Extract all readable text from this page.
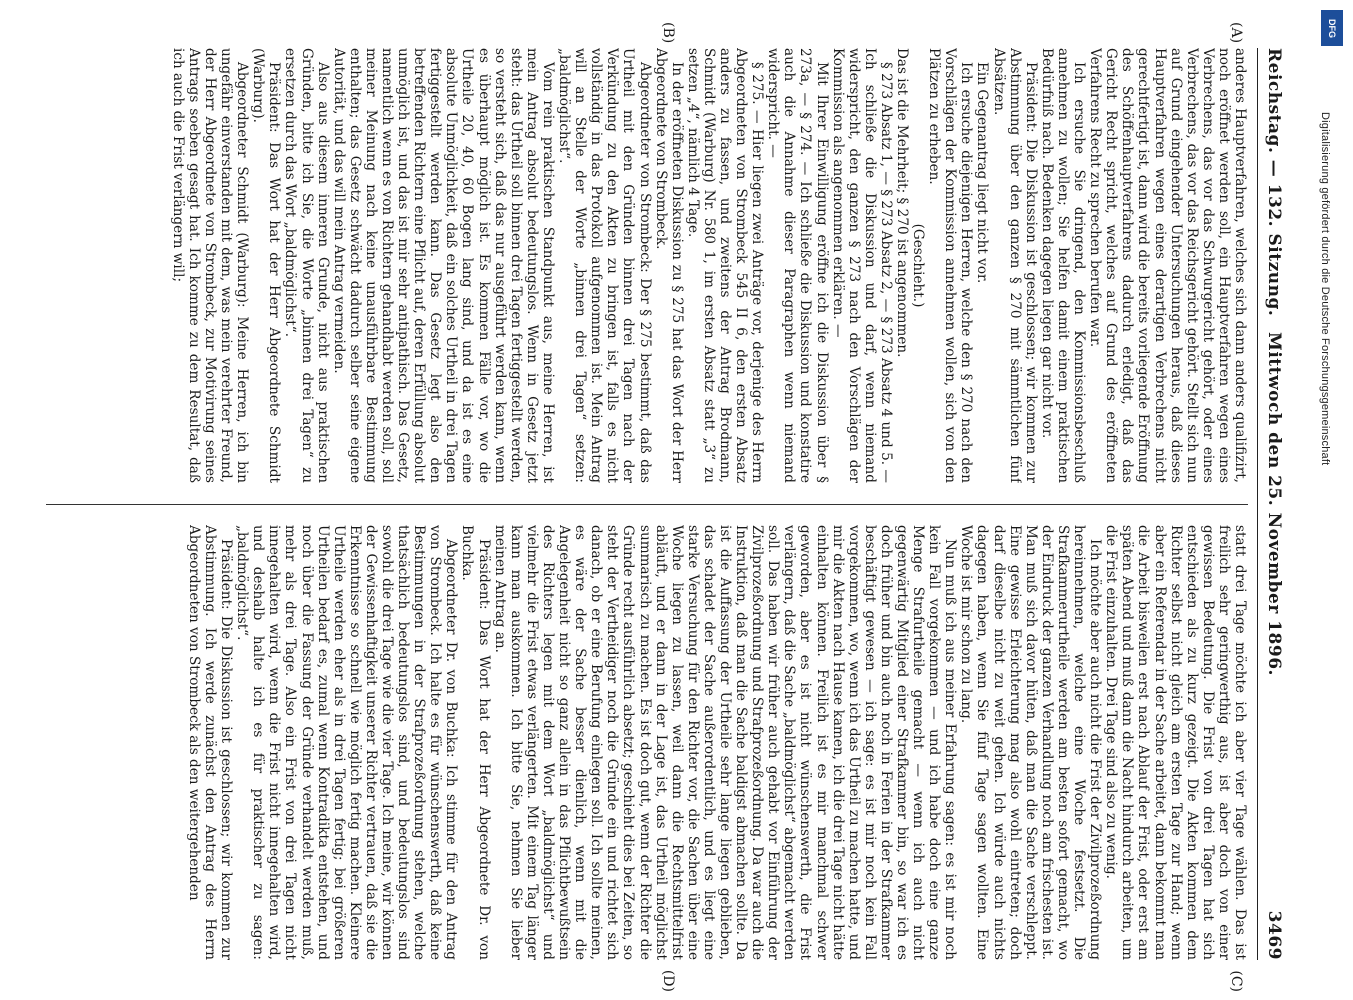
Reichstag. — 132. Sitzung.
Mittwoch den 25. November 1896.
3469

anderes Hauptverfahren, welches sich dann anders qualifizirt, noch eröffnet werden soll, ein Hauptverfahren wegen eines Verbrechens, das vor das Schwurgericht gehört, oder eines Verbrechens, das vor das Reichsgericht gehört. Stellt sich nun auf Grund eingehender Untersuchungen heraus, daß dieses Hauptverfahren wegen eines derartigen Verbrechens nicht gerechtfertigt ist, dann wird die bereits vorliegende Eröffnung des Schöffenhauptverfahrens dadurch erledigt, daß das Gericht Recht spricht, welches auf Grund des eröffneten Verfahrens Recht zu sprechen berufen war.

Ich ersuche Sie dringend, den Kommissionsbeschluß annehmen zu wollen; Sie helfen damit einem praktischen Bedürfniß nach. Bedenken dagegen liegen gar nicht vor.

Präsident: Die Diskussion ist geschlossen; wir kommen zur Abstimmung über den ganzen § 270 mit sämmtlichen fünf Absätzen.

Ein Gegenantrag liegt nicht vor.

Ich ersuche diejenigen Herren, welche den § 270 nach den Vorschlägen der Kommission annehmen wollen, sich von den Plätzen zu erheben.

(Geschieht.)

Das ist die Mehrheit; § 270 ist angenommen.

§ 273 Absatz 1, — § 273 Absatz 2, — § 273 Absatz 4 und 5. — Ich schließe die Diskussion und darf, wenn niemand widerspricht, den ganzen § 273 nach den Vorschlägen der Kommission als angenommen erklären. —

Mit Ihrer Einwilligung eröffne ich die Diskussion über § 273a, — § 274. — Ich schließe die Diskussion und konstatire auch die Annahme dieser Paragraphen wenn niemand widerspricht. —

§ 275. — Hier liegen zwei Anträge vor, derjenige des Herrn Abgeordneten von Strombeck 545 II 6, den ersten Absatz anders zu fassen, und zweitens der Antrag Brodmann, Schmidt (Warburg) Nr. 580 1, im ersten Absatz statt „3“ zu setzen „4“, nämlich 4 Tage.

In der eröffneten Diskussion zu § 275 hat das Wort der Herr Abgeordnete von Strombeck.

Abgeordneter von Strombeck: Der § 275 bestimmt, daß das Urtheil mit den Gründen binnen drei Tagen nach der Verkündung zu den Akten zu bringen ist, falls es nicht vollständig in das Protokoll aufgenommen ist. Mein Antrag will an Stelle der Worte „binnen drei Tagen“ setzen: „baldmöglichst“.

Vom rein praktischen Standpunkt aus, meine Herren, ist mein Antrag absolut bedeutungslos. Wenn in Gesetz jetzt steht: das Urtheil soll binnen drei Tagen fertiggestellt werden, so versteht sich, daß das nur ausgeführt werden kann, wenn es überhaupt möglich ist. Es kommen Fälle vor, wo die Urtheile 20, 40, 60 Bogen lang sind, und da ist es eine absolute Unmöglichkeit, daß ein solches Urtheil in drei Tagen fertiggestellt werden kann. Das Gesetz legt also den betreffenden Richtern eine Pflicht auf, deren Erfüllung absolut unmöglich ist, und das ist mir sehr antipathisch. Das Gesetz, namentlich wenn es von Richtern gehandhabt werden soll, soll meiner Meinung nach keine unausführbare Bestimmung enthalten; das Gesetz schwächt dadurch selber seine eigene Autorität, und das will mein Antrag vermeiden.

Also aus diesem inneren Grunde, nicht aus praktischen Gründen, bitte ich Sie, die Worte „binnen drei Tagen“ zu ersetzen durch das Wort „baldmöglichst“.

Präsident: Das Wort hat der Herr Abgeordnete Schmidt (Warburg).

Abgeordneter Schmidt (Warburg): Meine Herren, ich bin ungefähr einverstanden mit dem, was mein verehrter Freund, der Herr Abgeordnete von Strombeck, zur Motivirung seines Antrags soeben gesagt hat. Ich komme zu dem Resultat, daß ich auch die Frist verlängern will;

statt drei Tage möchte ich aber vier Tage wählen. Das ist freilich sehr geringwerthig aus, ist aber doch von einer gewissen Bedeutung. Die Frist von drei Tagen hat sich entschieden als zu kurz gezeigt. Die Akten kommen dem Richter selbst nicht gleich am ersten Tage zur Hand; wenn aber ein Referendar in der Sache arbeitet, dann bekommt man die Arbeit bisweilen erst nach Ablauf der Frist, oder erst am späten Abend und muß dann die Nacht hindurch arbeiten, um die Frist einzuhalten. Drei Tage sind also zu wenig.

Ich möchte aber auch nicht die Frist der Zivilprozeßordnung hereinnehmen, welche eine Woche festsetzt. Die Strafkammerurtheile werden am besten sofort gemacht, wo der Eindruck der ganzen Verhandlung noch am frischesten ist. Man muß sich davor hüten, daß man die Sache verschleppt. Eine gewisse Erleichterung mag also wohl eintreten; doch darf dieselbe nicht zu weit gehen. Ich würde auch nichts dagegen haben, wenn Sie fünf Tage sagen wollten. Eine Woche ist mir schon zu lang.

Nun muß ich aus meiner Erfahrung sagen: es ist mir noch kein Fall vorgekommen — und ich habe doch eine ganze Menge Strafurtheile gemacht — wenn ich auch nicht gegenwärtig Mitglied einer Strafkammer bin, so war ich es doch früher und bin auch noch in Ferien in der Strafkammer beschäftigt gewesen — ich sage: es ist mir noch kein Fall vorgekommen, wo, wenn ich das Urtheil zu machen hatte, und mir die Akten nach Hause kamen, ich die drei Tage nicht hätte einhalten können. Freilich ist es mir manchmal schwer geworden, aber es ist nicht wünschenswerth, die Frist verlängern, daß die Sache „baldmöglichst“ abgemacht werden soll. Das haben wir früher auch gehabt vor Einführung der Zivilprozeßordnung und Strafprozeßordnung. Da war auch die Instruktion, daß man die Sache baldigst abmachen sollte. Da ist die Auffassung der Urtheile sehr lange liegen geblieben, das schadet der Sache außerordentlich, und es liegt eine starke Versuchung für den Richter vor, die Sachen über eine Woche liegen zu lassen, weil dann die Rechtsmittelfrist abläuft, und er dann in der Lage ist, das Urtheil möglichst summarisch zu machen. Es ist doch gut, wenn der Richter die Gründe recht ausführlich absetzt; geschieht dies bei Zeiten, so steht der Vertheidiger noch die Gründe ein und richtet sich danach, ob er eine Berufung einlegen soll. Ich sollte meinen, es wäre der Sache besser dienlich, wenn mit die Angelegenheit nicht so ganz allein in das Pflichtbewußtsein des Richters legen mit dem Wort „baldmöglichst“ und vielmehr die Frist etwas verlängerten. Mit einem Tag länger kann man auskommen. Ich bitte Sie, nehmen Sie lieber meinen Antrag an.

Präsident: Das Wort hat der Herr Abgeordnete Dr. von Buchka.

Abgeordneter Dr. von Buchka: Ich stimme für den Antrag von Strombeck. Ich halte es für wünschenswerth, daß keine Bestimmungen in der Strafprozeßordnung stehen, welche thatsächlich bedeutungslos sind, und bedeutungslos sind sowohl die drei Tage wie die vier Tage. Ich meine, wir können der Gewissenhaftigkeit unserer Richter vertrauen, daß sie die Erkenntnisse so schnell wie möglich fertig machen. Kleinere Urtheile werden eher als in drei Tagen fertig; bei größeren Urtheilen bedarf es, zumal wenn Kontradikta entstehen, und noch über die Fassung der Gründe verhandelt werden muß, mehr als drei Tage. Also ein Frist von drei Tagen nicht innegehalten wird, wenn die Frist nicht innegehalten wird, und deshalb halte ich es für praktischer zu sagen: „baldmöglichst“.

Präsident: Die Diskussion ist geschlossen; wir kommen zur Abstimmung. Ich werde zunächst den Antrag des Herrn Abgeordneten von Strombeck als den weitergehenden

(A)
(B)
(C)
(D)
DFG
Digitalisierung gefördert durch die Deutsche Forschungsgemeinschaft
